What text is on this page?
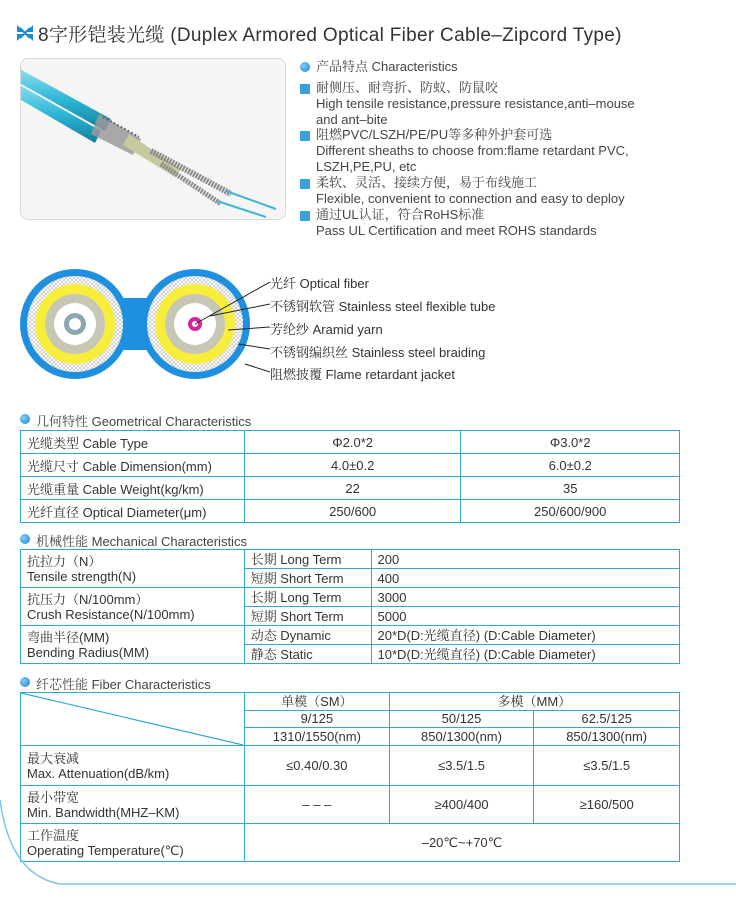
8字形铠装光缆 (Duplex Armored Optical Fiber Cable–Zipcord Type)
产品特点 Characteristics
耐侧压、耐弯折、防蚁、防鼠咬
High tensile resistance,pressure resistance,anti–mouse
and ant–bite
阻燃PVC/LSZH/PE/PU等多种外护套可选
Different sheaths to choose from:flame retardant PVC,
LSZH,PE,PU, etc
柔软、灵活、接续方便，易于布线施工
Flexible, convenient to connection and easy to deploy
通过UL认证，符合RoHS标准
Pass UL Certification and meet ROHS standards
光纤 Optical fiber
不锈钢软管 Stainless steel flexible tube
芳纶纱 Aramid yarn
不锈钢编织丝 Stainless steel braiding
阻燃披覆 Flame retardant jacket
几何特性 Geometrical Characteristics
光缆类型 Cable Type	Φ2.0*2	Φ3.0*2
光缆尺寸 Cable Dimension(mm)	4.0±0.2	6.0±0.2
光缆重量 Cable Weight(kg/km)	22	35
光纤直径 Optical Diameter(μm)	250/600	250/600/900
机械性能 Mechanical Characteristics
抗拉力（N）
Tensile strength(N)	长期 Long Term	200
	短期 Short Term	400

抗压力（N/100mm）
Crush Resistance(N/100mm)	长期 Long Term	3000
	短期 Short Term	5000

弯曲半径(MM)
Bending Radius(MM)	动态 Dynamic	20*D(D:光缆直径) (D:Cable Diameter)
	静态 Static	10*D(D:光缆直径) (D:Cable Diameter)
纤芯性能 Fiber Characteristics
	单模（SM）	多模（MM）	
	9/125	50/125	62.5/125
	1310/1550(nm)	850/1300(nm)	850/1300(nm)

最大衰减
Max. Attenuation(dB/km)	≤0.40/0.30	≤3.5/1.5	≤3.5/1.5

最小带宽
Min. Bandwidth(MHZ–KM)	– – –	≥400/400	≥160/500

工作温度
Operating Temperature(℃)	–20℃~+70℃		
